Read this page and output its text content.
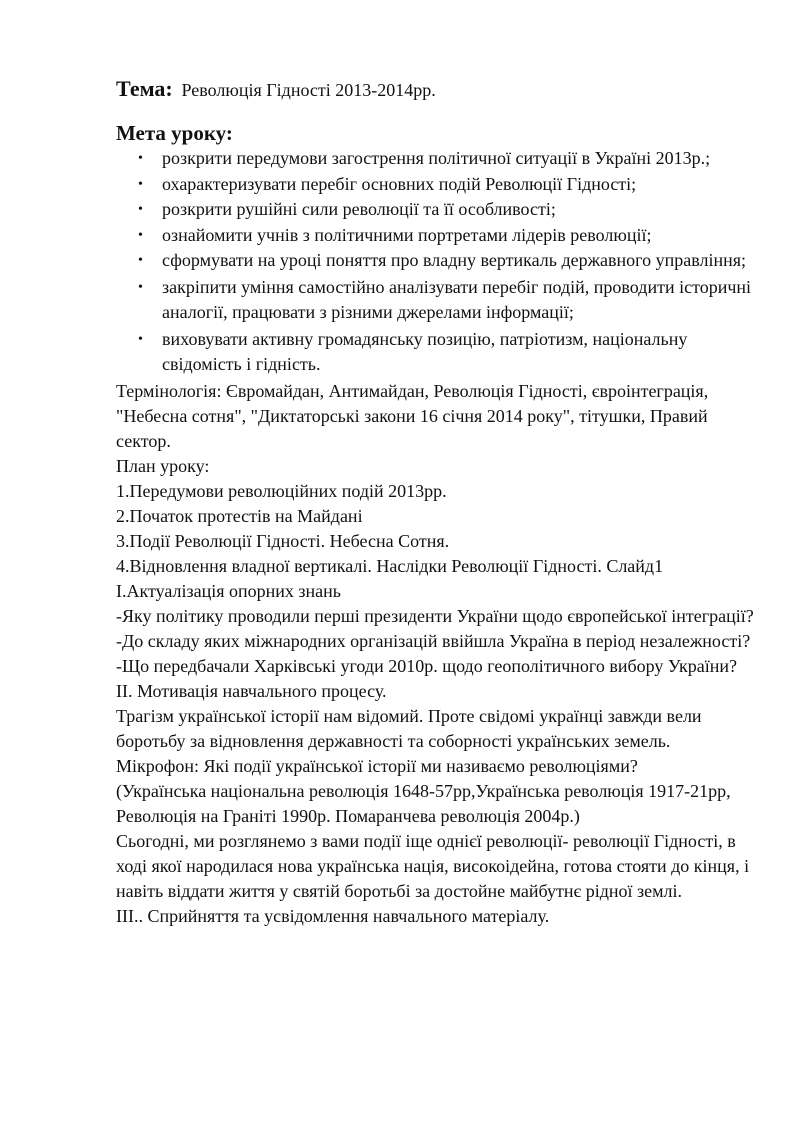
Тема: Революція Гідності 2013-2014рр.
Мета уроку:
• розкрити передумови загострення політичної ситуації в Україні 2013р.;
• охарактеризувати перебіг основних подій Революції Гідності;
• розкрити рушійні сили революції та її особливості;
• ознайомити учнів з політичними портретами лідерів революції;
• сформувати на уроці поняття про владну вертикаль державного управління;
• закріпити уміння самостійно аналізувати перебіг подій, проводити історичні аналогії, працювати з різними джерелами інформації;
• виховувати активну громадянську позицію, патріотизм, національну свідомість і гідність.

Термінологія: Євромайдан, Антимайдан, Революція Гідності, євроінтеграція, "Небесна сотня", "Диктаторські закони 16 січня 2014 року", тітушки, Правий сектор.

План уроку:

1.Передумови революційних подій 2013рр.

2.Початок протестів на Майдані

3.Події Революції Гідності. Небесна Сотня.

4.Відновлення владної вертикалі. Наслідки Революції Гідності. Слайд1

I.Актуалізація опорних знань

-Яку політику проводили перші президенти України щодо європейської інтеграції?

-До складу яких міжнародних організацій ввійшла Україна в період незалежності?

-Що передбачали Харківські угоди 2010р. щодо геополітичного вибору України?

II. Мотивація навчального процесу.

Трагізм української історії нам відомий. Проте свідомі українці завжди вели боротьбу за відновлення державності та соборності українських земель.

Мікрофон: Які події української історії ми називаємо революціями?

(Українська національна революція 1648-57рр,Українська революція 1917-21рр, Революція на Граніті 1990р. Помаранчева революція 2004р.)

Сьогодні, ми розглянемо з вами події іще однієї революції- революції Гідності, в ході якої народилася нова українська нація, високоідейна, готова стояти до кінця, і навіть віддати життя у святій боротьбі за достойне майбутнє рідної землі.

III.. Сприйняття та усвідомлення навчального матеріалу.
